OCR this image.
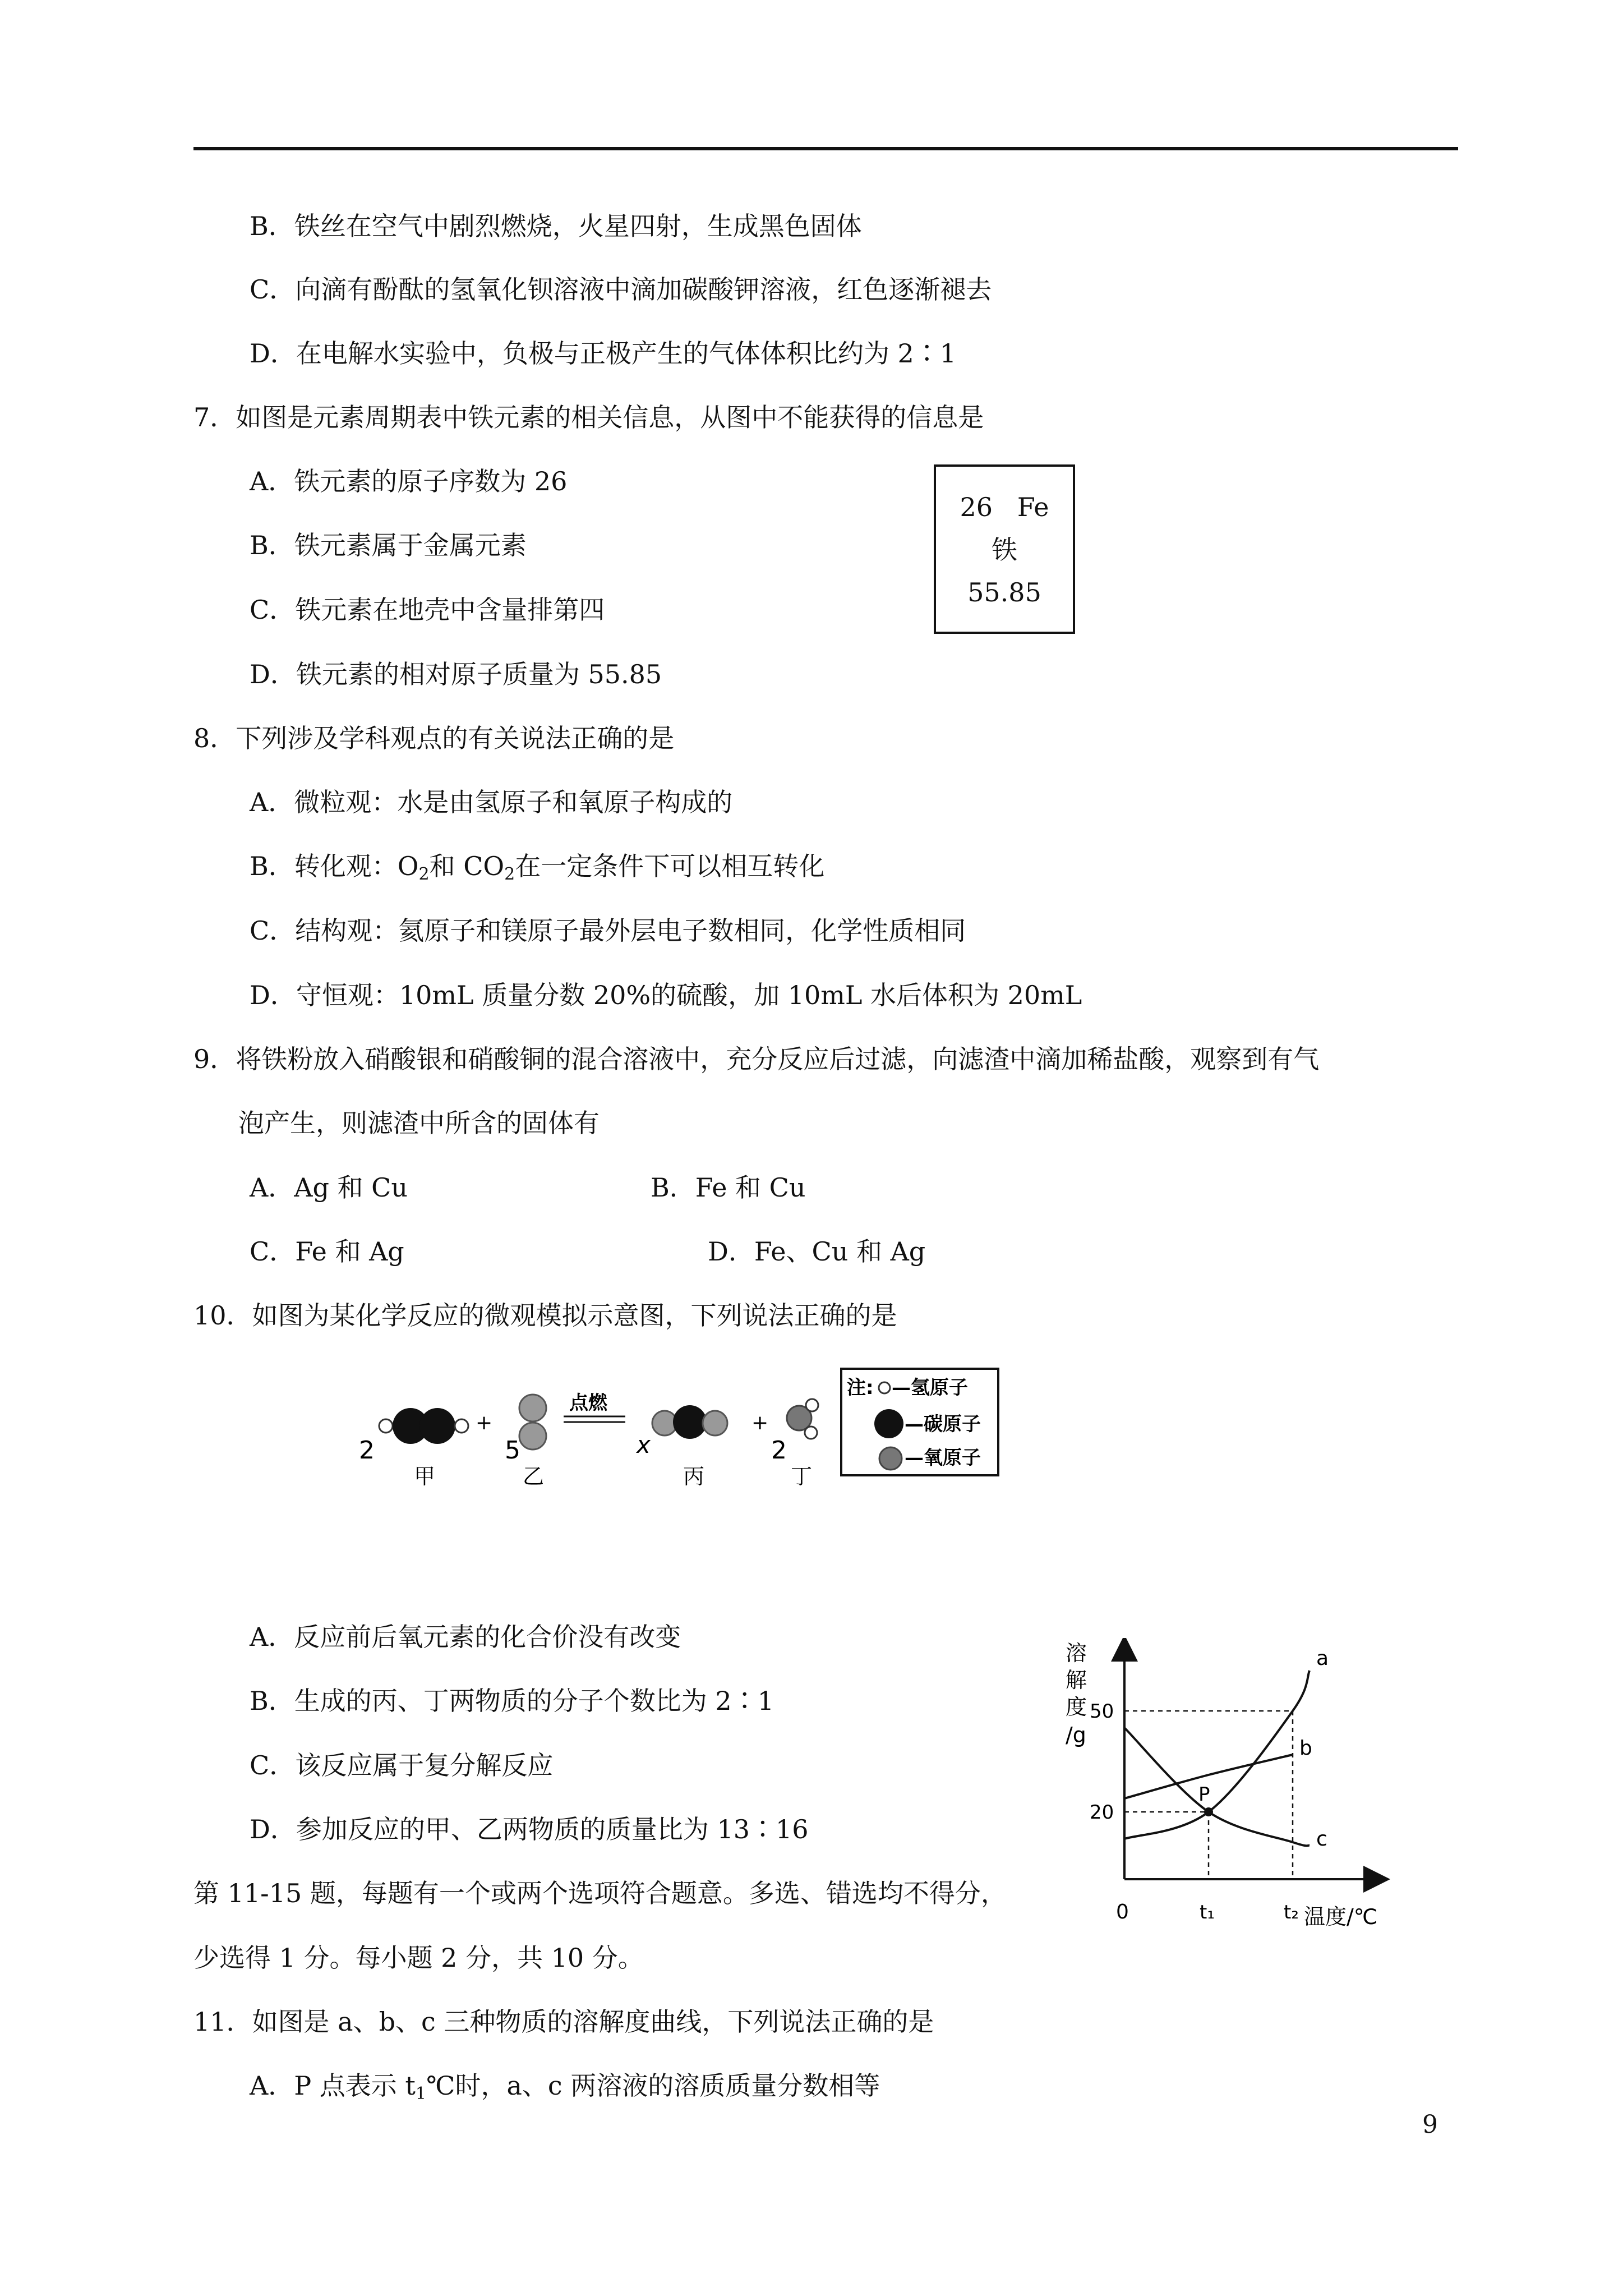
B．铁丝在空气中剧烈燃烧，火星四射，生成黑色固体
C．向滴有酚酞的氢氧化钡溶液中滴加碳酸钾溶液，红色逐渐褪去
D．在电解水实验中，负极与正极产生的气体体积比约为 2∶1
7．如图是元素周期表中铁元素的相关信息，从图中不能获得的信息是
A．铁元素的原子序数为 26
B．铁元素属于金属元素
C．铁元素在地壳中含量排第四
D．铁元素的相对原子质量为 55.85
26 Fe
铁
55.85
8．下列涉及学科观点的有关说法正确的是
A．微粒观：水是由氢原子和氧原子构成的
B．转化观：$O_2$和 $CO_2$在一定条件下可以相互转化
C．结构观：氦原子和镁原子最外层电子数相同，化学性质相同
D．守恒观：10mL 质量分数 20%的硫酸，加 10mL 水后体积为 20mL
9．将铁粉放入硝酸银和硝酸铜的混合溶液中，充分反应后过滤，向滤渣中滴加稀盐酸，观察到有气
泡产生，则滤渣中所含的固体有
A．Ag 和 Cu	B．Fe 和 Cu
C．Fe 和 Ag	D．Fe、Cu 和 Ag
10．如图为某化学反应的微观模拟示意图，下列说法正确的是
2
甲
+
5
乙
点燃
x
丙
+
2
丁
注: —氢原子
—碳原子
—氧原子
A．反应前后氧元素的化合价没有改变
B．生成的丙、丁两物质的分子个数比为 2∶1
C．该反应属于复分解反应
D．参加反应的甲、乙两物质的质量比为 13∶16
第 11-15 题，每题有一个或两个选项符合题意。多选、错选均不得分，
少选得 1 分。每小题 2 分，共 10 分。
11．如图是 a、b、c 三种物质的溶解度曲线，下列说法正确的是
A．P 点表示 $t_1℃$时，a、c 两溶液的溶质质量分数相等
溶
解
度
/g
a
b
c
P
20
50
t₁	t₂
0	温度/℃
9
